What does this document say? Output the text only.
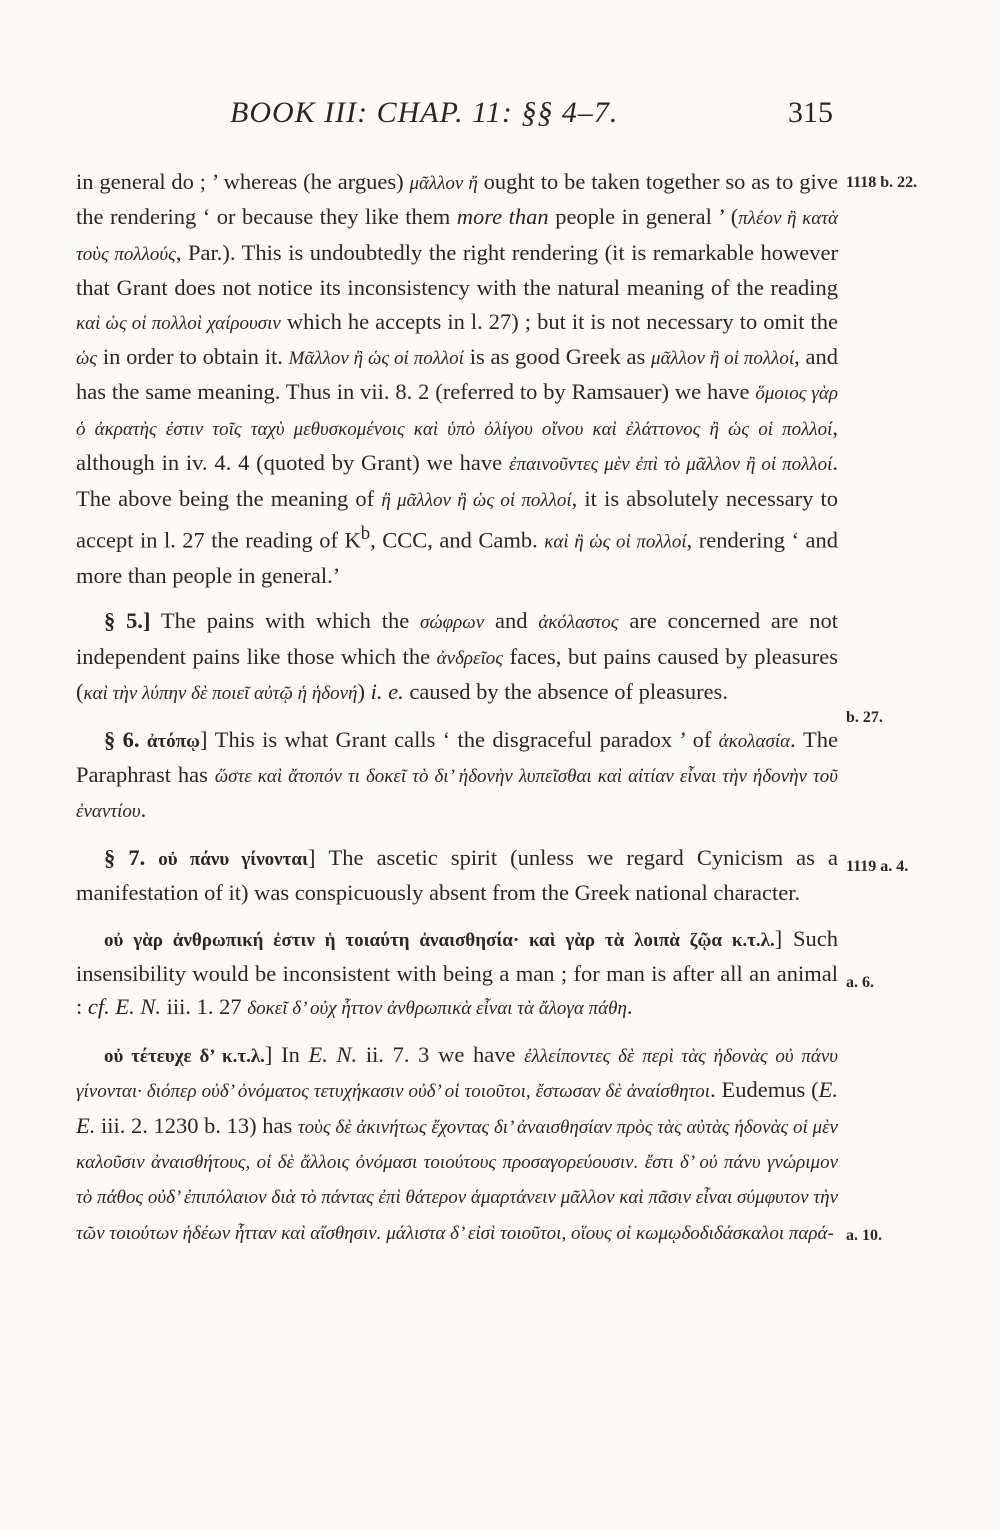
BOOK III: CHAP. 11: §§ 4–7.	315
1118 b. 22.
b. 27.
1119 a. 4.
a. 6.
a. 10.

in general do ; ’ whereas (he argues) μᾶλλον ἤ ought to be taken together so as to give the rendering ‘ or because they like them more than people in general ’ (πλέον ἢ κατὰ τοὺς πολλούς, Par.). This is undoubtedly the right rendering (it is remarkable however that Grant does not notice its inconsistency with the natural meaning of the reading καὶ ὡς οἱ πολλοὶ χαίρουσιν which he accepts in l. 27) ; but it is not necessary to omit the ὡς in order to obtain it. Μᾶλλον ἢ ὡς οἱ πολλοί is as good Greek as μᾶλλον ἢ οἱ πολλοί, and has the same meaning. Thus in vii. 8. 2 (referred to by Ramsauer) we have ὅμοιος γὰρ ὁ ἀκρατὴς ἐστιν τοῖς ταχὺ μεθυσκομένοις καὶ ὑπὸ ὀλίγου οἴνου καὶ ἐλάττονος ἢ ὡς οἱ πολλοί, although in iv. 4. 4 (quoted by Grant) we have ἐπαινοῦντες μὲν ἐπὶ τὸ μᾶλλον ἢ οἱ πολλοί. The above being the meaning of ἢ μᾶλλον ἢ ὡς οἱ πολλοί, it is absolutely necessary to accept in l. 27 the reading of $K^b$, CCC, and Camb. καὶ ἢ ὡς οἱ πολλοί, rendering ‘ and more than people in general.’

§ 5.] The pains with which the σώφρων and ἀκόλαστος are concerned are not independent pains like those which the ἀνδρεῖος faces, but pains caused by pleasures (καὶ τὴν λύπην δὲ ποιεῖ αὐτῷ ἡ ἡδονή) i. e. caused by the absence of pleasures.

§ 6. ἀτόπῳ] This is what Grant calls ‘ the disgraceful paradox ’ of ἀκολασία. The Paraphrast has ὥστε καὶ ἄτοπόν τι δοκεῖ τὸ δι’ ἡδονὴν λυπεῖσθαι καὶ αἰτίαν εἶναι τὴν ἡδονὴν τοῦ ἐναντίου.

§ 7. οὐ πάνυ γίνονται] The ascetic spirit (unless we regard Cynicism as a manifestation of it) was conspicuously absent from the Greek national character.

οὐ γὰρ ἀνθρωπική ἐστιν ἡ τοιαύτη ἀναισθησία· καὶ γὰρ τὰ λοιπὰ ζῷα κ.τ.λ.] Such insensibility would be inconsistent with being a man ; for man is after all an animal : cf. E. N. iii. 1. 27 δοκεῖ δ’ οὐχ ἧττον ἀνθρωπικὰ εἶναι τὰ ἄλογα πάθη.

οὐ τέτευχε δ’ κ.τ.λ.] In E. N. ii. 7. 3 we have ἐλλείποντες δὲ περὶ τὰς ἡδονὰς οὐ πάνυ γίνονται· διόπερ οὐδ’ ὀνόματος τετυχήκασιν οὐδ’ οἱ τοιοῦτοι, ἔστωσαν δὲ ἀναίσθητοι. Eudemus (E. E. iii. 2. 1230 b. 13) has τοὺς δὲ ἀκινήτως ἔχοντας δι’ ἀναισθησίαν πρὸς τὰς αὐτὰς ἡδονὰς οἱ μὲν καλοῦσιν ἀναισθήτους, οἱ δὲ ἄλλοις ὀνόμασι τοιούτους προσαγορεύουσιν. ἔστι δ’ οὐ πάνυ γνώριμον τὸ πάθος οὐδ’ ἐπιπόλαιον διὰ τὸ πάντας ἐπὶ θάτερον ἁμαρτάνειν μᾶλλον καὶ πᾶσιν εἶναι σύμφυτον τὴν τῶν τοιούτων ἡδέων ἧτταν καὶ αἴσθησιν. μάλιστα δ’ εἰσὶ τοιοῦτοι, οἵους οἱ κωμῳδοδιδάσκαλοι παρά-
